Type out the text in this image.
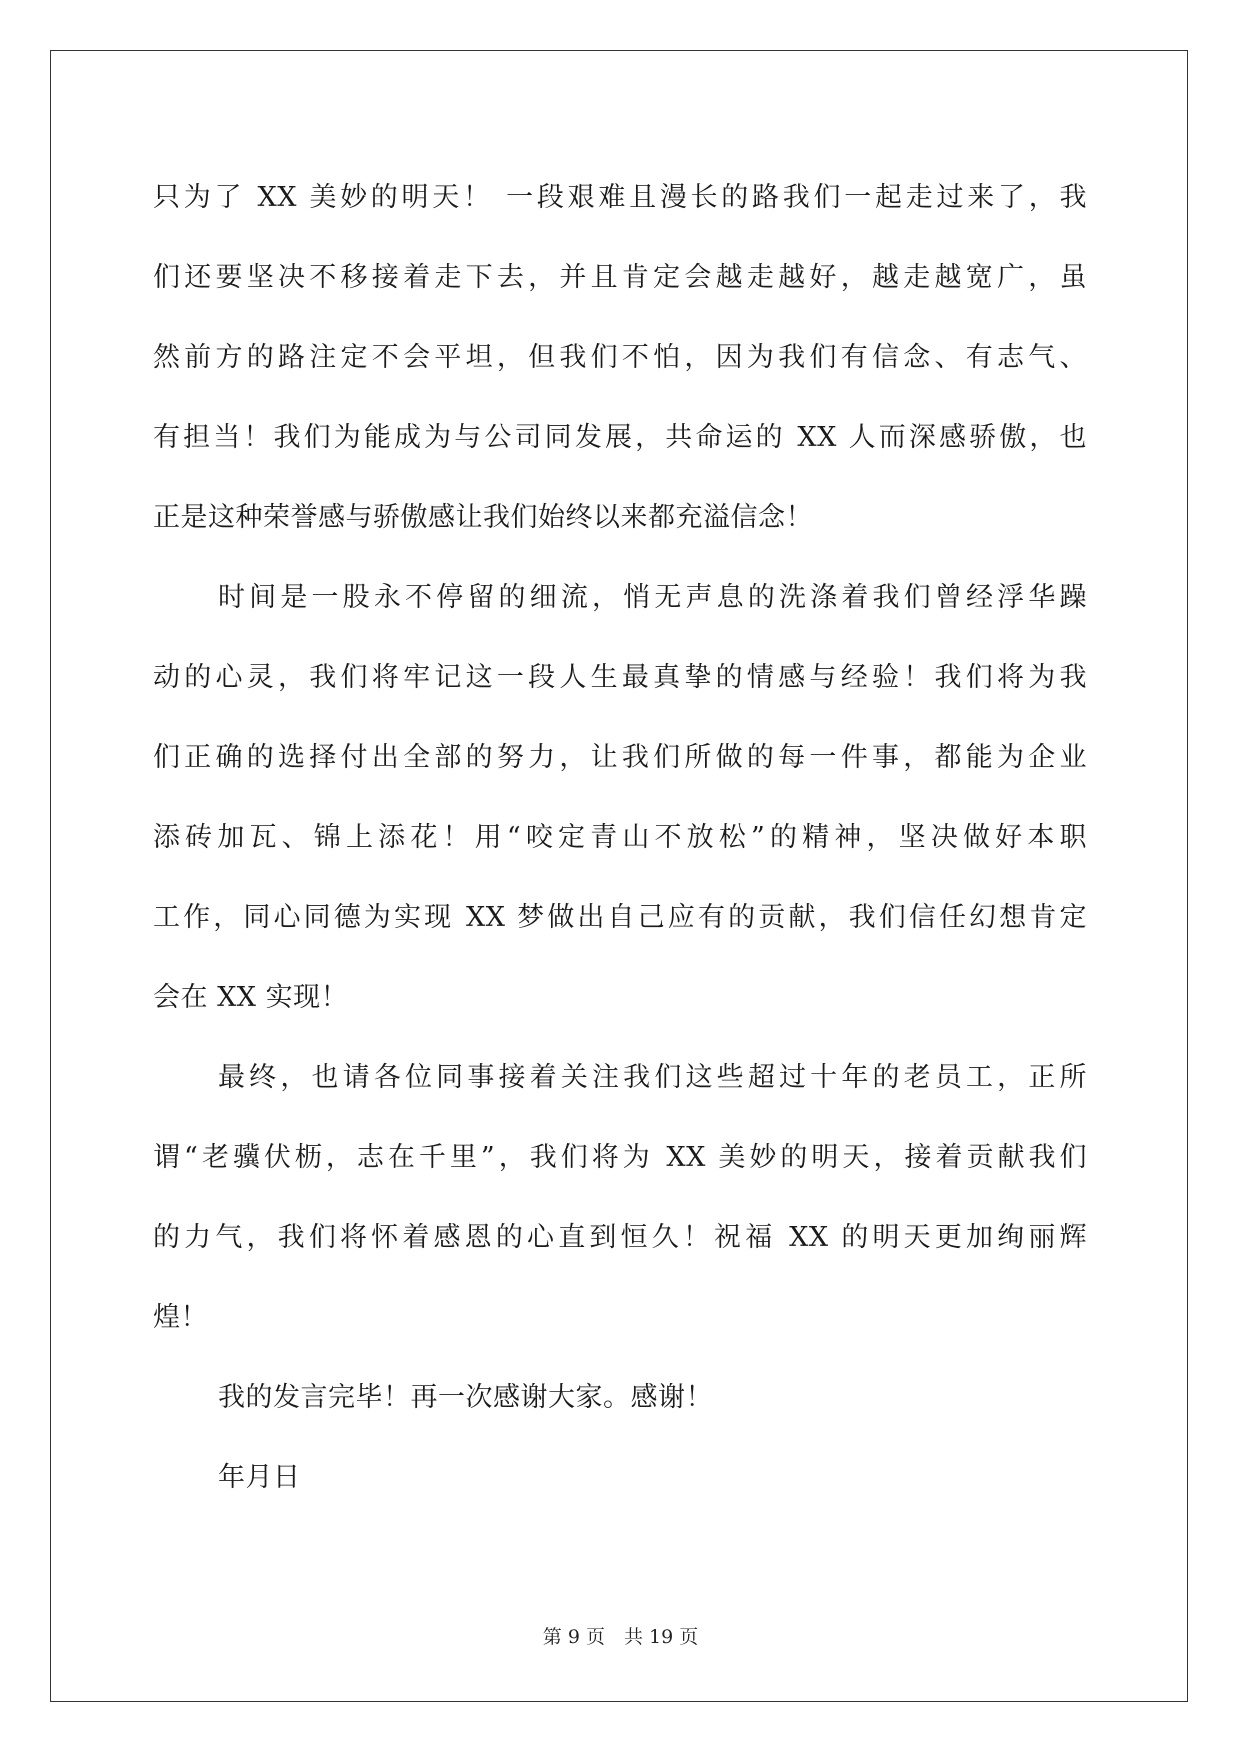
只为了 XX 美妙的明天！ 一段艰难且漫长的路我们一起走过来了，我
们还要坚决不移接着走下去，并且肯定会越走越好，越走越宽广，虽
然前方的路注定不会平坦，但我们不怕，因为我们有信念、有志气、
有担当！我们为能成为与公司同发展，共命运的 XX 人而深感骄傲，也
正是这种荣誉感与骄傲感让我们始终以来都充溢信念！
时间是一股永不停留的细流，悄无声息的洗涤着我们曾经浮华躁
动的心灵，我们将牢记这一段人生最真挚的情感与经验！我们将为我
们正确的选择付出全部的努力，让我们所做的每一件事，都能为企业
添砖加瓦、锦上添花！用“咬定青山不放松”的精神，坚决做好本职
工作，同心同德为实现 XX 梦做出自己应有的贡献，我们信任幻想肯定
会在 XX 实现！
最终，也请各位同事接着关注我们这些超过十年的老员工，正所
谓“老骥伏枥，志在千里”，我们将为 XX 美妙的明天，接着贡献我们
的力气，我们将怀着感恩的心直到恒久！祝福 XX 的明天更加绚丽辉
煌！
我的发言完毕！再一次感谢大家。感谢！
年月日
第 9 页　共 19 页
